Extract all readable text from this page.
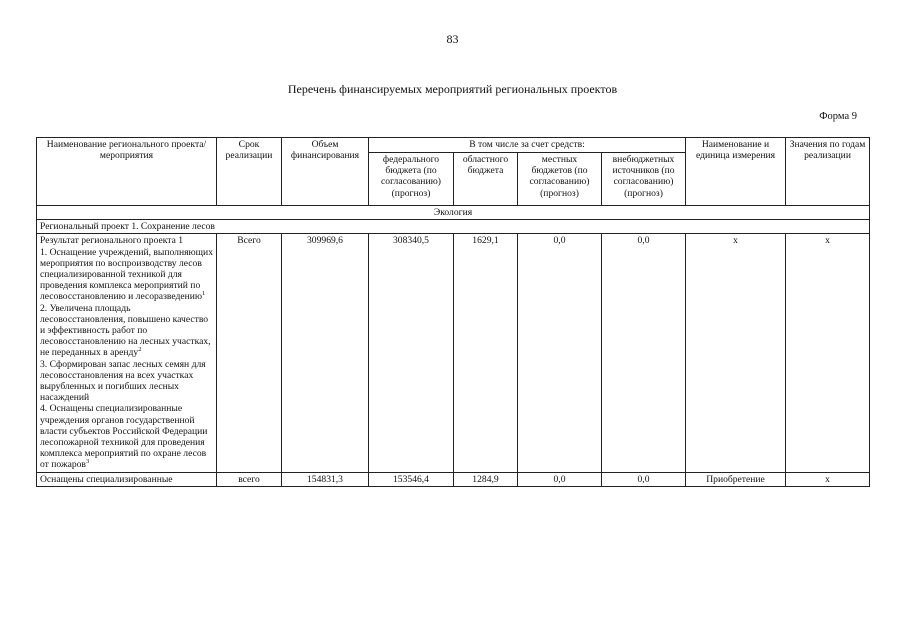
83
Перечень финансируемых мероприятий региональных проектов
Форма 9
Наименование регионального проекта/ мероприятия	Срок реализации	Объем финансирования	В том числе за счет средств:				Наименование и единица измерения	Значения по годам реализации
			федерального бюджета (по согласованию) (прогноз)	областного бюджета	местных бюджетов (по согласованию) (прогноз)	внебюджетных источников (по согласованию) (прогноз)		
Экология								
Региональный проект 1. Сохранение лесов								

Результат регионального проекта 1
1. Оснащение учреждений, выполняющих мероприятия по воспроизводству лесов специализированной техникой для проведения комплекса мероприятий по лесовосстановлению и лесоразведению$^1$
2. Увеличена площадь лесовосстановления, повышено качество и эффективность работ по лесовосстановлению на лесных участках, не переданных в аренду$^2$
3. Сформирован запас лесных семян для лесовосстановления на всех участках вырубленных и погибших лесных насаждений
4. Оснащены специализированные учреждения органов государственной власти субъектов Российской Федерации лесопожарной техникой для проведения комплекса мероприятий по охране лесов от пожаров$^3$	Всего	309969,6	308340,5	1629,1	0,0	0,0	x	x

Оснащены специализированные	всего	154831,3	153546,4	1284,9	0,0	0,0	Приобретение	x
